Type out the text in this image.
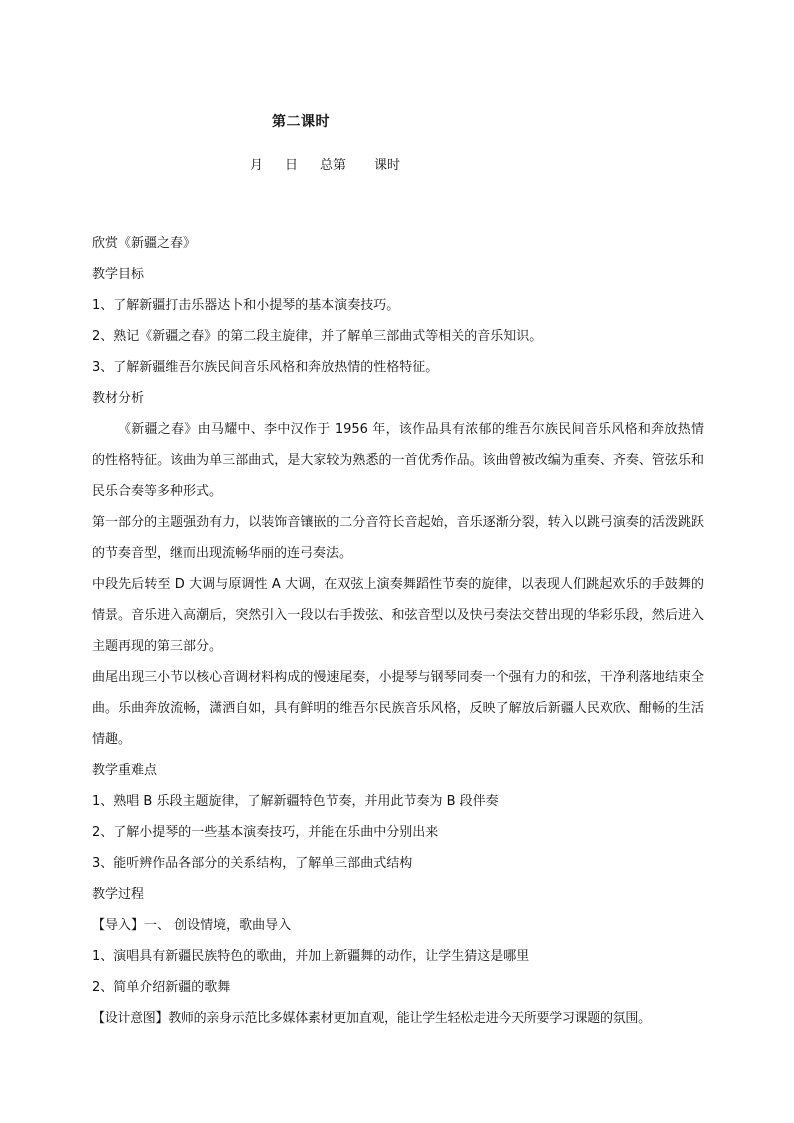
第二课时
月 日 总第 课时

欣赏《新疆之春》

教学目标

1、了解新疆打击乐器达卜和小提琴的基本演奏技巧。

2、熟记《新疆之春》的第二段主旋律，并了解单三部曲式等相关的音乐知识。

3、了解新疆维吾尔族民间音乐风格和奔放热情的性格特征。

教材分析

《新疆之春》由马耀中、李中汉作于 1956 年，该作品具有浓郁的维吾尔族民间音乐风格和奔放热情的性格特征。该曲为单三部曲式，是大家较为熟悉的一首优秀作品。该曲曾被改编为重奏、齐奏、管弦乐和民乐合奏等多种形式。

第一部分的主题强劲有力，以装饰音镶嵌的二分音符长音起始，音乐逐渐分裂，转入以跳弓演奏的活泼跳跃的节奏音型，继而出现流畅华丽的连弓奏法。

中段先后转至 D 大调与原调性 A 大调，在双弦上演奏舞蹈性节奏的旋律，以表现人们跳起欢乐的手鼓舞的情景。音乐进入高潮后，突然引入一段以右手拨弦、和弦音型以及快弓奏法交替出现的华彩乐段，然后进入主题再现的第三部分。

曲尾出现三小节以核心音调材料构成的慢速尾奏，小提琴与钢琴同奏一个强有力的和弦，干净利落地结束全曲。乐曲奔放流畅，潇洒自如，具有鲜明的维吾尔民族音乐风格，反映了解放后新疆人民欢欣、酣畅的生活情趣。

教学重难点

1、熟唱 B 乐段主题旋律，了解新疆特色节奏，并用此节奏为 B 段伴奏

2、了解小提琴的一些基本演奏技巧，并能在乐曲中分别出来

3、能听辨作品各部分的关系结构，了解单三部曲式结构

教学过程

【导入】一、 创设情境，歌曲导入

1、演唱具有新疆民族特色的歌曲，并加上新疆舞的动作，让学生猜这是哪里

2、简单介绍新疆的歌舞

【设计意图】教师的亲身示范比多媒体素材更加直观，能让学生轻松走进今天所要学习课题的氛围。
